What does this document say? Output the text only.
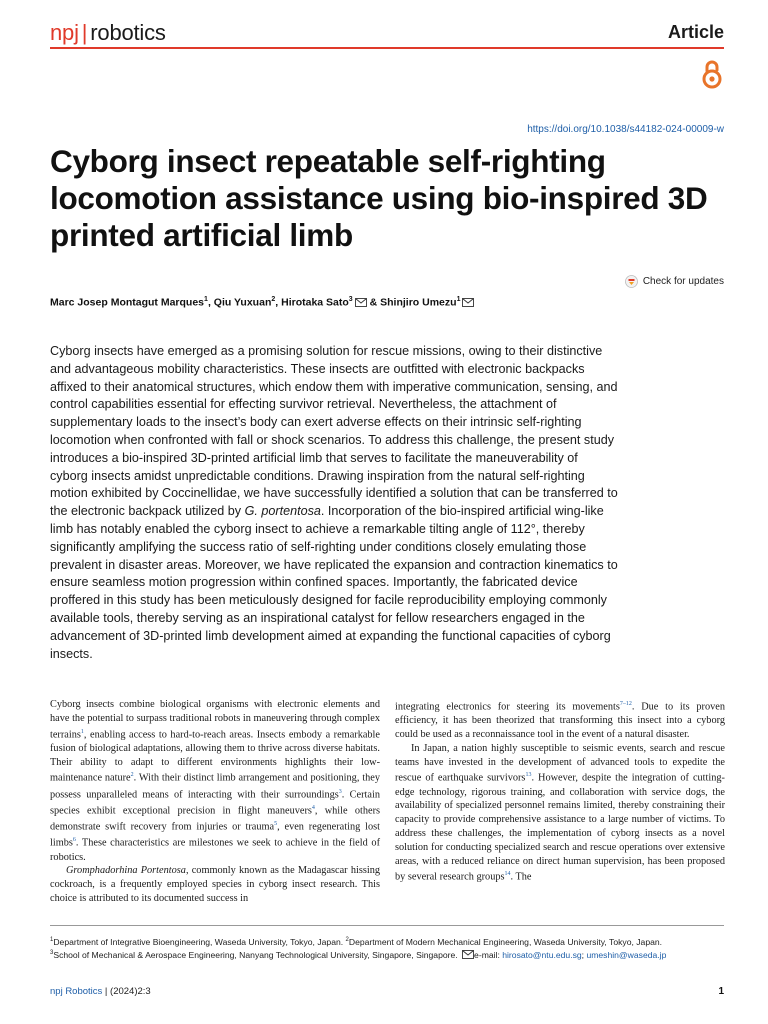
npj | robotics	Article
https://doi.org/10.1038/s44182-024-00009-w
Cyborg insect repeatable self-righting locomotion assistance using bio-inspired 3D printed artificial limb
Check for updates
Marc Josep Montagut Marques$^1$, Qiu Yuxuan$^2$, Hirotaka Sato$^3$ & Shinjiro Umezu$^1$

Cyborg insects have emerged as a promising solution for rescue missions, owing to their distinctive and advantageous mobility characteristics. These insects are outfitted with electronic backpacks affixed to their anatomical structures, which endow them with imperative communication, sensing, and control capabilities essential for effecting survivor retrieval. Nevertheless, the attachment of supplementary loads to the insect’s body can exert adverse effects on their intrinsic self-righting locomotion when confronted with fall or shock scenarios. To address this challenge, the present study introduces a bio-inspired 3D-printed artificial limb that serves to facilitate the maneuverability of cyborg insects amidst unpredictable conditions. Drawing inspiration from the natural self-righting motion exhibited by Coccinellidae, we have successfully identified a solution that can be transferred to the electronic backpack utilized by G. portentosa. Incorporation of the bio-inspired artificial wing-like limb has notably enabled the cyborg insect to achieve a remarkable tilting angle of 112°, thereby significantly amplifying the success ratio of self-righting under conditions closely emulating those prevalent in disaster areas. Moreover, we have replicated the expansion and contraction kinematics to ensure seamless motion progression within confined spaces. Importantly, the fabricated device proffered in this study has been meticulously designed for facile reproducibility employing commonly available tools, thereby serving as an inspirational catalyst for fellow researchers engaged in the advancement of 3D-printed limb development aimed at expanding the functional capacities of cyborg insects.

Cyborg insects combine biological organisms with electronic elements and have the potential to surpass traditional robots in maneuvering through complex terrains$^1$, enabling access to hard-to-reach areas. Insects embody a remarkable fusion of biological adaptations, allowing them to thrive across diverse habitats. Their ability to adapt to different environments highlights their low-maintenance nature$^2$. With their distinct limb arrangement and positioning, they possess unparalleled means of interacting with their surroundings$^3$. Certain species exhibit exceptional precision in flight maneuvers$^4$, while others demonstrate swift recovery from injuries or trauma$^5$, even regenerating lost limbs$^6$. These characteristics are milestones we seek to achieve in the field of robotics.

Gromphadorhina Portentosa, commonly known as the Madagascar hissing cockroach, is a frequently employed species in cyborg insect research. This choice is attributed to its documented success in

integrating electronics for steering its movements$^{7-12}$. Due to its proven efficiency, it has been theorized that transforming this insect into a cyborg could be used as a reconnaissance tool in the event of a natural disaster.

In Japan, a nation highly susceptible to seismic events, search and rescue teams have invested in the development of advanced tools to expedite the rescue of earthquake survivors$^{13}$. However, despite the integration of cutting-edge technology, rigorous training, and collaboration with service dogs, the availability of specialized personnel remains limited, thereby constraining their capacity to provide comprehensive assistance to a large number of victims. To address these challenges, the implementation of cyborg insects as a novel solution for conducting specialized search and rescue operations over extensive areas, with a reduced reliance on direct human supervision, has been proposed by several research groups$^{14}$. The

$^1$Department of Integrative Bioengineering, Waseda University, Tokyo, Japan. $^2$Department of Modern Mechanical Engineering, Waseda University, Tokyo, Japan.
$^3$School of Mechanical & Aerospace Engineering, Nanyang Technological University, Singapore, Singapore. e-mail: hirosato@ntu.edu.sg; umeshin@waseda.jp
npj Robotics | (2024)2:3	1
